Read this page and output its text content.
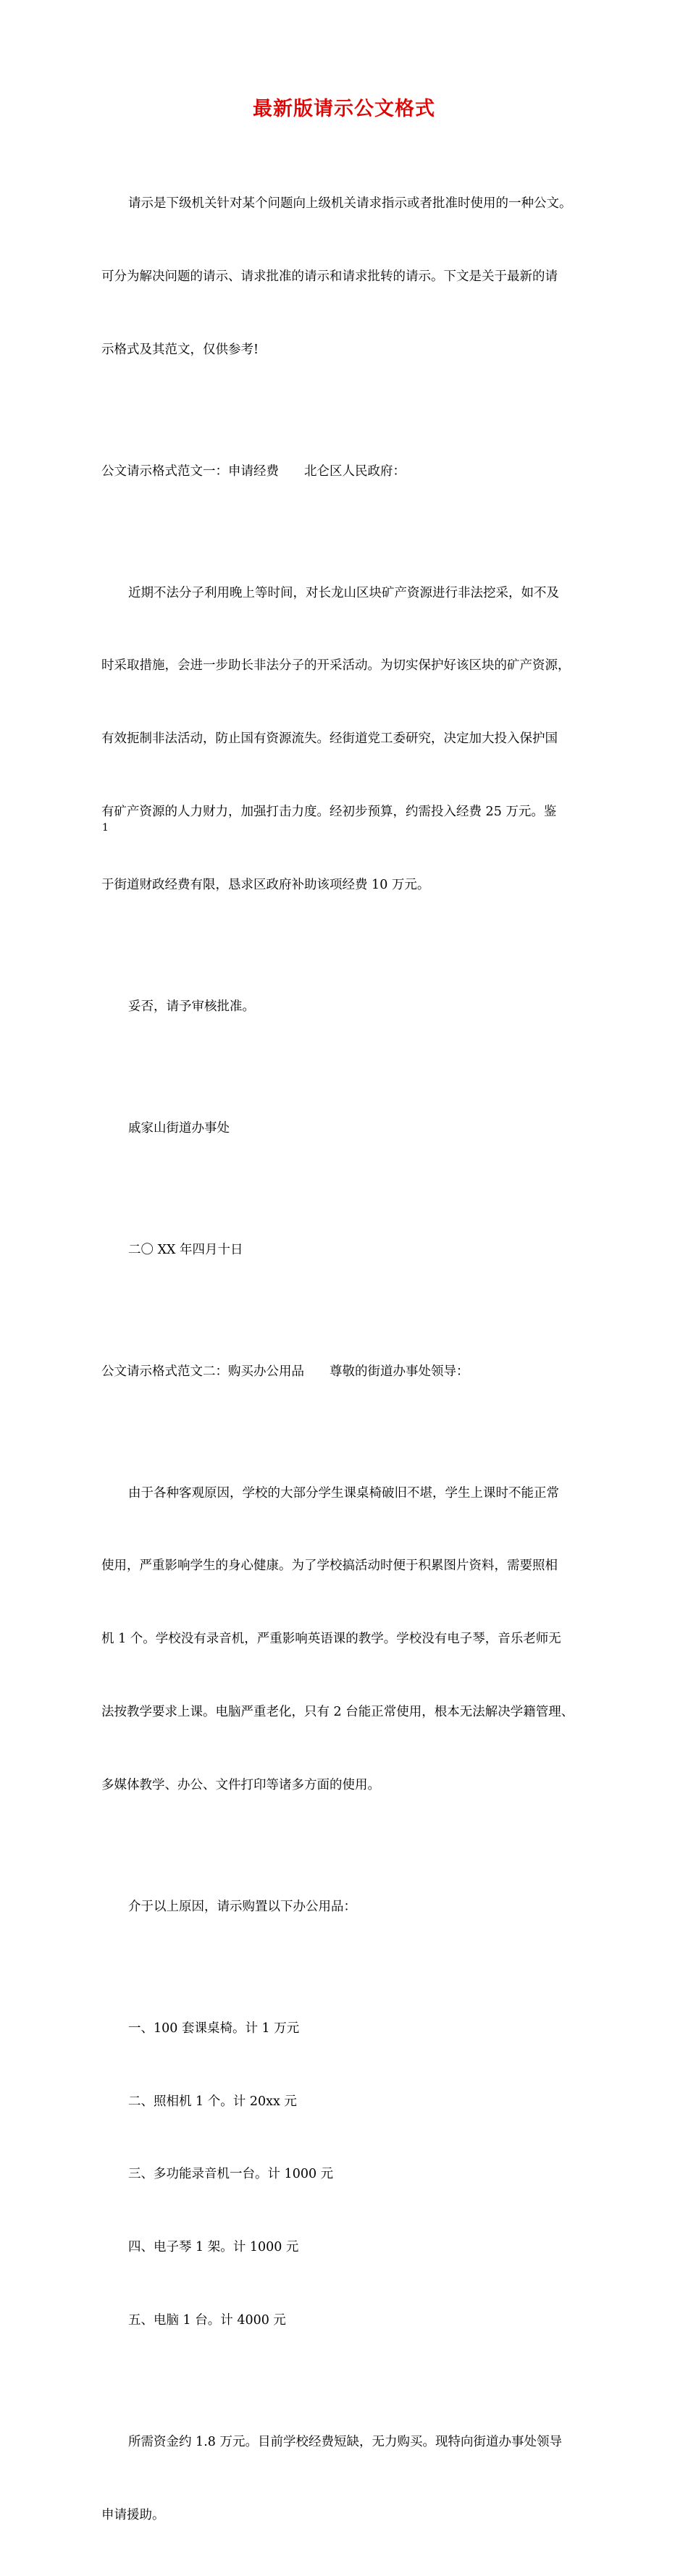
最新版请示公文格式

请示是下级机关针对某个问题向上级机关请求指示或者批准时使用的一种公文。

可分为解决问题的请示、请求批准的请示和请求批转的请示。下文是关于最新的请

示格式及其范文，仅供参考!

公文请示格式范文一：申请经费　　北仑区人民政府：

近期不法分子利用晚上等时间，对长龙山区块矿产资源进行非法挖采，如不及

时采取措施，会进一步助长非法分子的开采活动。为切实保护好该区块的矿产资源，

有效扼制非法活动，防止国有资源流失。经街道党工委研究，决定加大投入保护国

有矿产资源的人力财力，加强打击力度。经初步预算，约需投入经费 25 万元。鉴

于街道财政经费有限，恳求区政府补助该项经费 10 万元。

妥否，请予审核批准。

戚家山街道办事处

二〇 XX 年四月十日

公文请示格式范文二：购买办公用品　　尊敬的街道办事处领导：

由于各种客观原因，学校的大部分学生课桌椅破旧不堪，学生上课时不能正常

使用，严重影响学生的身心健康。为了学校搞活动时便于积累图片资料，需要照相

机 1 个。学校没有录音机，严重影响英语课的教学。学校没有电子琴，音乐老师无

法按教学要求上课。电脑严重老化，只有 2 台能正常使用，根本无法解决学籍管理、

多媒体教学、办公、文件打印等诸多方面的使用。

介于以上原因，请示购置以下办公用品：

一、100 套课桌椅。计 1 万元

二、照相机 1 个。计 20xx 元

三、多功能录音机一台。计 1000 元

四、电子琴 1 架。计 1000 元

五、电脑 1 台。计 4000 元

所需资金约 1.8 万元。目前学校经费短缺，无力购买。现特向街道办事处领导

申请援助。

1
